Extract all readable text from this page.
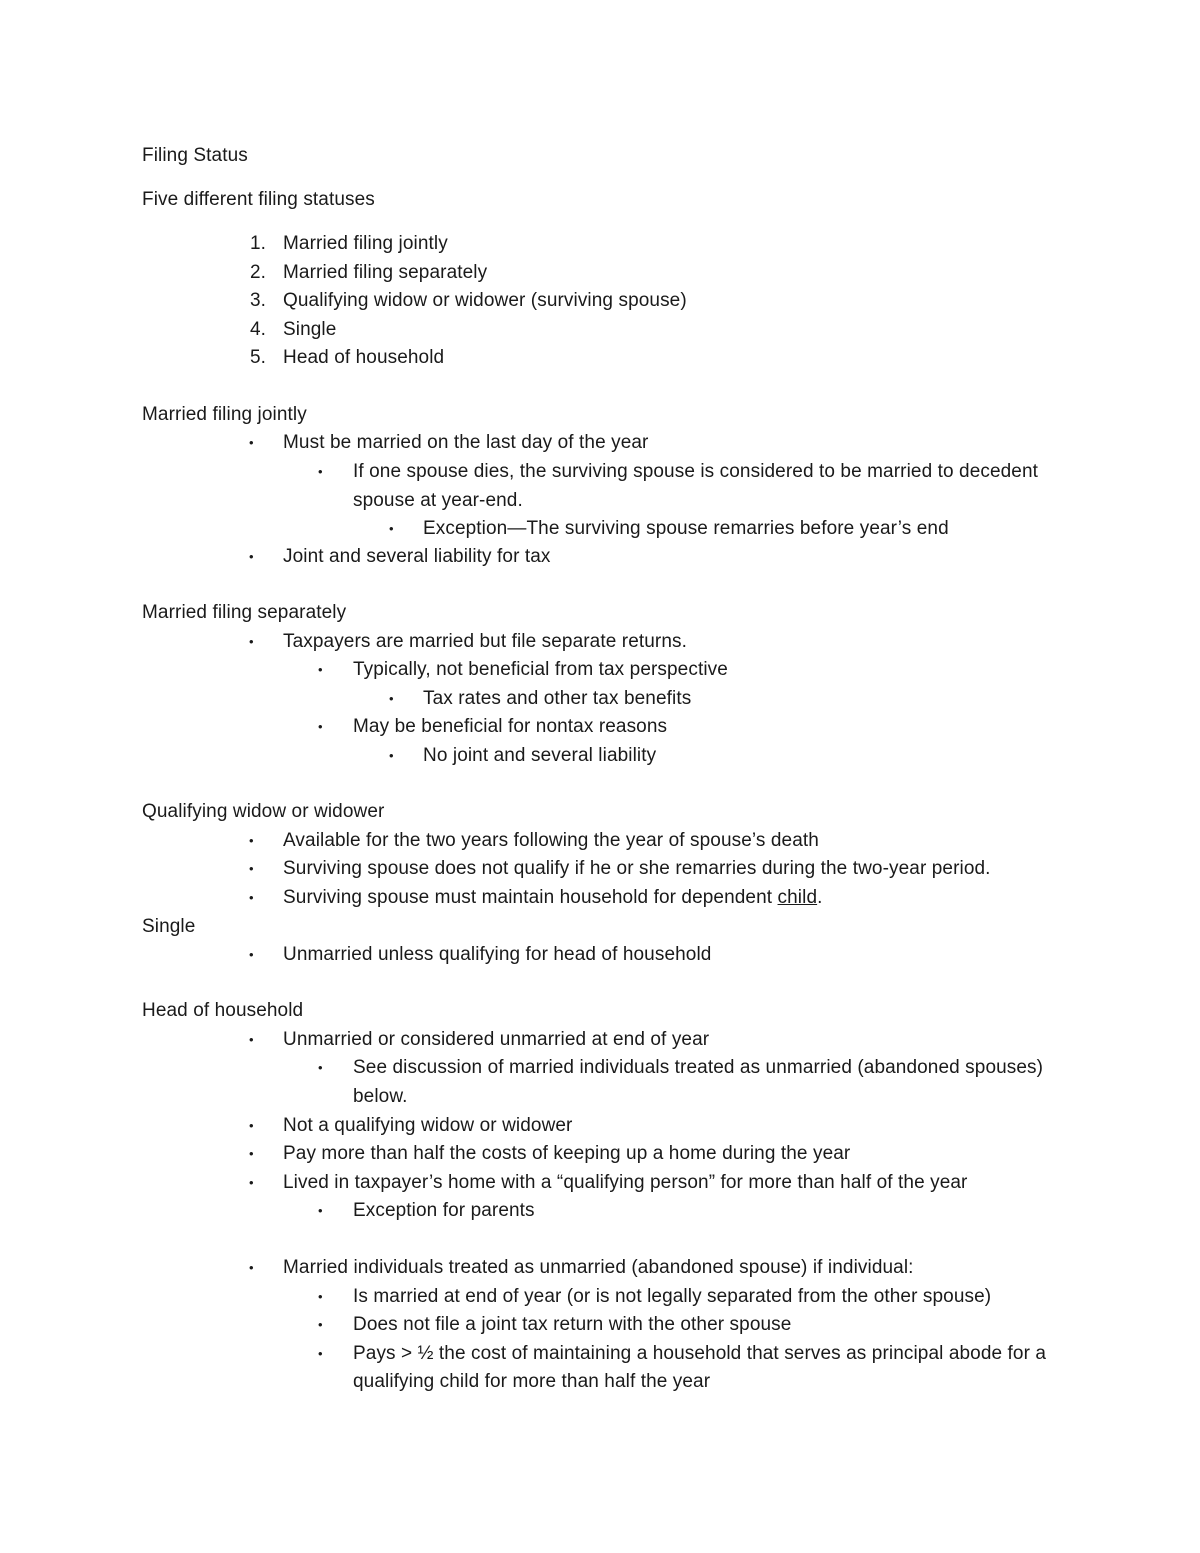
Filing Status
Five different filing statuses
1. Married filing jointly
2. Married filing separately
3. Qualifying widow or widower (surviving spouse)
4. Single
5. Head of household
Married filing jointly
• Must be married on the last day of the year
• If one spouse dies, the surviving spouse is considered to be married to decedent
spouse at year-end.
• Exception—The surviving spouse remarries before year’s end
• Joint and several liability for tax
Married filing separately
• Taxpayers are married but file separate returns.
• Typically, not beneficial from tax perspective
• Tax rates and other tax benefits
• May be beneficial for nontax reasons
• No joint and several liability
Qualifying widow or widower
• Available for the two years following the year of spouse’s death
• Surviving spouse does not qualify if he or she remarries during the two-year period.
• Surviving spouse must maintain household for dependent child.
Single
• Unmarried unless qualifying for head of household
Head of household
• Unmarried or considered unmarried at end of year
• See discussion of married individuals treated as unmarried (abandoned spouses)
below.
• Not a qualifying widow or widower
• Pay more than half the costs of keeping up a home during the year
• Lived in taxpayer’s home with a “qualifying person” for more than half of the year
• Exception for parents
• Married individuals treated as unmarried (abandoned spouse) if individual:
• Is married at end of year (or is not legally separated from the other spouse)
• Does not file a joint tax return with the other spouse
• Pays > ½ the cost of maintaining a household that serves as principal abode for a
qualifying child for more than half the year
